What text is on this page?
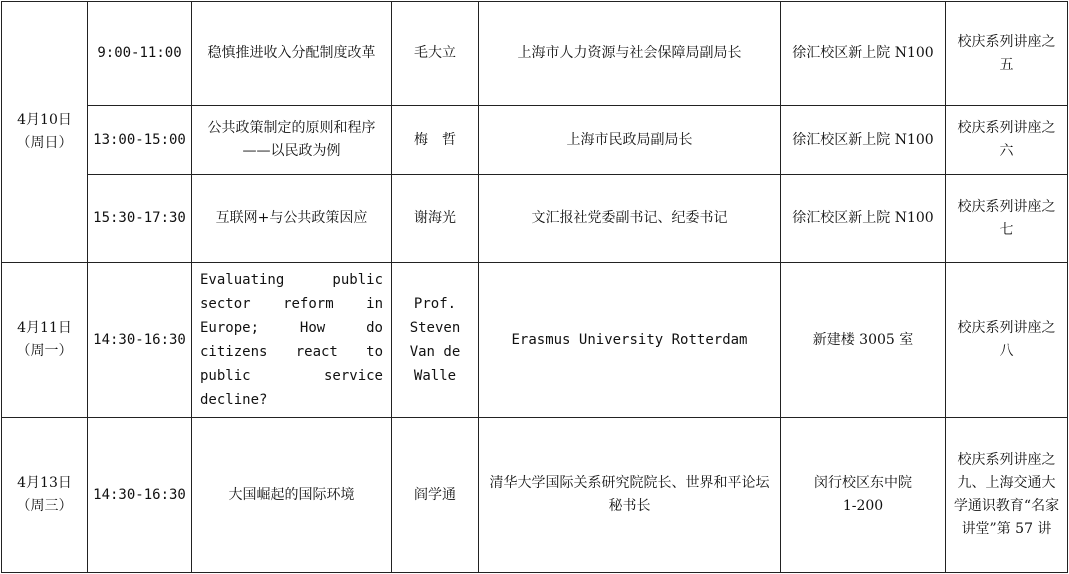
4月10日
（周日）	9:00-11:00	稳慎推进收入分配制度改革	毛大立	上海市人力资源与社会保障局副局长	徐汇校区新上院 N100	校庆系列讲座之五
	13:00-15:00	公共政策制定的原则和程序——以民政为例	梅　哲	上海市民政局副局长	徐汇校区新上院 N100	校庆系列讲座之六
	15:30-17:30	互联网+与公共政策因应	谢海光	文汇报社党委副书记、纪委书记	徐汇校区新上院 N100	校庆系列讲座之七

4月11日
（周一）	14:30-16:30	Evaluating public sector reform in Europe; How do citizens react to public service decline?	Prof.
Steven
Van de
Walle	Erasmus University Rotterdam	新建楼 3005 室	校庆系列讲座之八

4月13日
（周三）	14:30-16:30	大国崛起的国际环境	阎学通	清华大学国际关系研究院院长、世界和平论坛秘书长	闵行校区东中院 1-200	校庆系列讲座之九、上海交通大学通识教育“名家讲堂”第 57 讲
